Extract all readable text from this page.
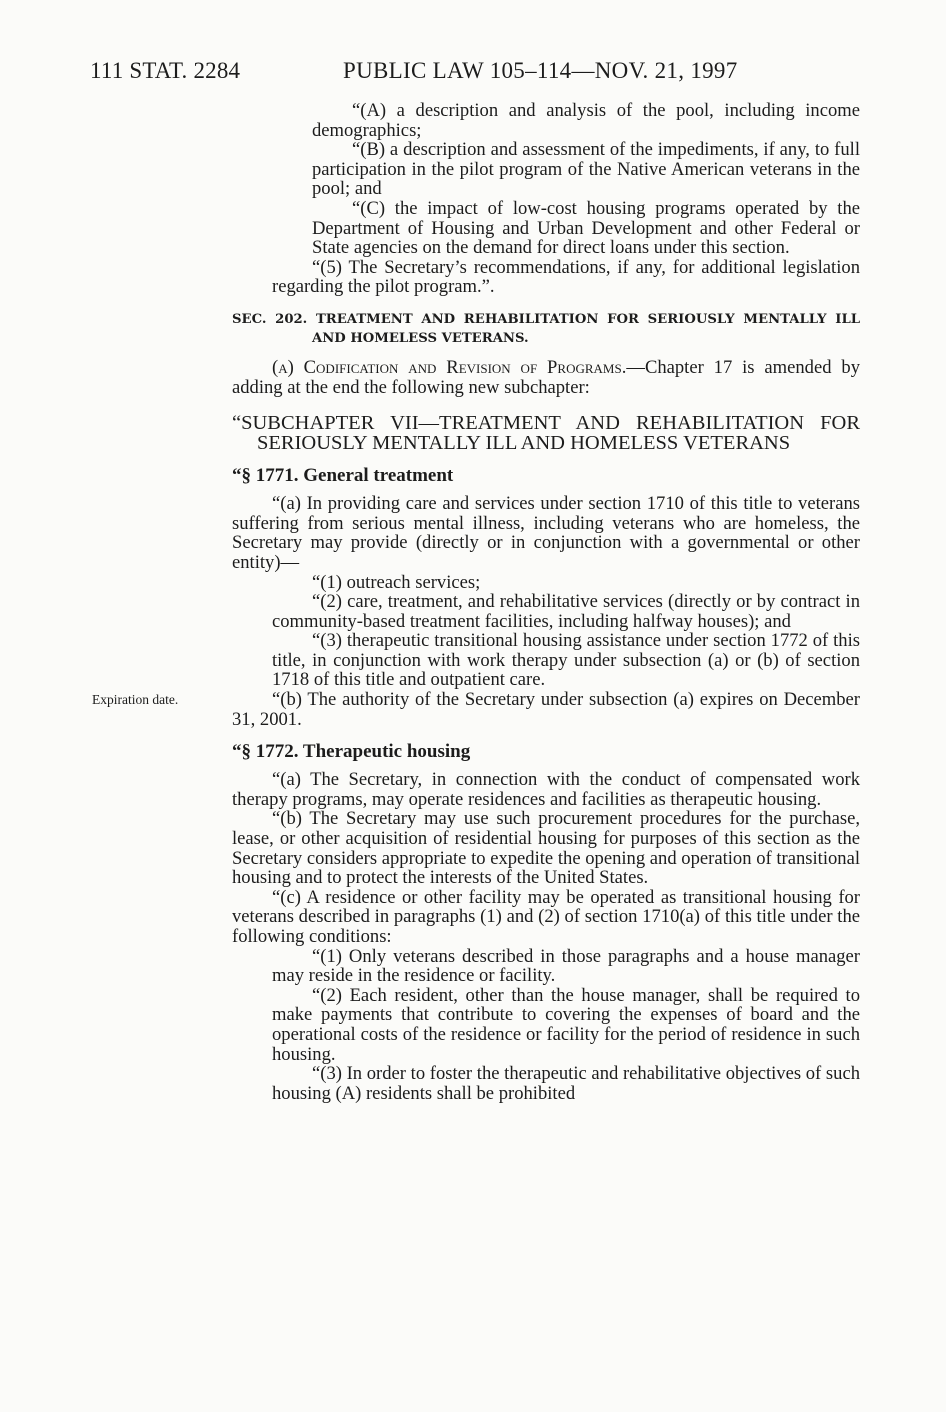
111 STAT. 2284	PUBLIC LAW 105–114—NOV. 21, 1997

“(A) a description and analysis of the pool, including income demographics;

“(B) a description and assessment of the impediments, if any, to full participation in the pilot program of the Native American veterans in the pool; and

“(C) the impact of low-cost housing programs operated by the Department of Housing and Urban Development and other Federal or State agencies on the demand for direct loans under this section.

“(5) The Secretary’s recommendations, if any, for additional legislation regarding the pilot program.”.

SEC. 202. TREATMENT AND REHABILITATION FOR SERIOUSLY MENTALLY ILL AND HOMELESS VETERANS.

(a) Codification and Revision of Programs.—Chapter 17 is amended by adding at the end the following new subchapter:

“SUBCHAPTER VII—TREATMENT AND REHABILITATION FOR SERIOUSLY MENTALLY ILL AND HOMELESS VETERANS
“§ 1771. General treatment

“(a) In providing care and services under section 1710 of this title to veterans suffering from serious mental illness, including veterans who are homeless, the Secretary may provide (directly or in conjunction with a governmental or other entity)—

“(1) outreach services;

“(2) care, treatment, and rehabilitative services (directly or by contract in community-based treatment facilities, including halfway houses); and

“(3) therapeutic transitional housing assistance under section 1772 of this title, in conjunction with work therapy under subsection (a) or (b) of section 1718 of this title and outpatient care.

Expiration date.	“(b) The authority of the Secretary under subsection (a) expires on December 31, 2001.

“§ 1772. Therapeutic housing

“(a) The Secretary, in connection with the conduct of compensated work therapy programs, may operate residences and facilities as therapeutic housing.

“(b) The Secretary may use such procurement procedures for the purchase, lease, or other acquisition of residential housing for purposes of this section as the Secretary considers appropriate to expedite the opening and operation of transitional housing and to protect the interests of the United States.

“(c) A residence or other facility may be operated as transitional housing for veterans described in paragraphs (1) and (2) of section 1710(a) of this title under the following conditions:

“(1) Only veterans described in those paragraphs and a house manager may reside in the residence or facility.

“(2) Each resident, other than the house manager, shall be required to make payments that contribute to covering the expenses of board and the operational costs of the residence or facility for the period of residence in such housing.

“(3) In order to foster the therapeutic and rehabilitative objectives of such housing (A) residents shall be prohibited
